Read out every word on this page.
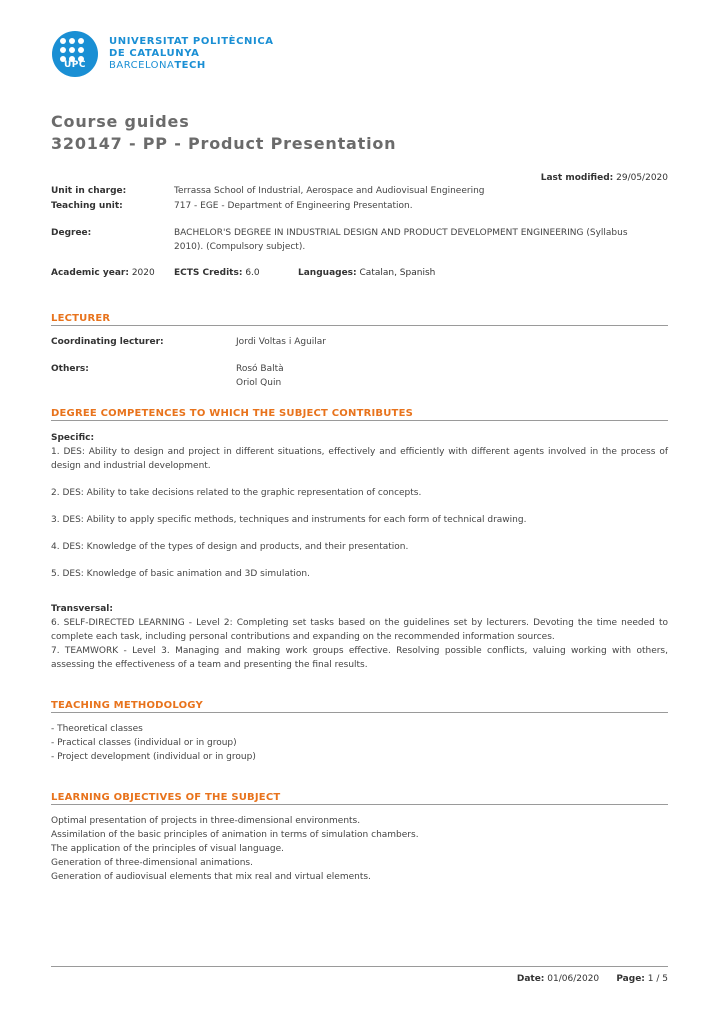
UPC
UNIVERSITAT POLITÈCNICA
DE CATALUNYA
BARCELONATECH
Course guides
320147 - PP - Product Presentation
Last modified: 29/05/2020
Unit in charge:	Terrassa School of Industrial, Aerospace and Audiovisual Engineering
Teaching unit:	717 - EGE - Department of Engineering Presentation.
Degree:	BACHELOR'S DEGREE IN INDUSTRIAL DESIGN AND PRODUCT DEVELOPMENT ENGINEERING (Syllabus
2010). (Compulsory subject).
Academic year: 2020 ECTS Credits: 6.0	Languages: Catalan, Spanish
LECTURER
Coordinating lecturer:	Jordi Voltas i Aguilar
Others:	Rosó Baltà
Oriol Quin
DEGREE COMPETENCES TO WHICH THE SUBJECT CONTRIBUTES
Specific:
1. DES: Ability to design and project in different situations, effectively and efficiently with different agents involved in the process of design and industrial development.
2. DES: Ability to take decisions related to the graphic representation of concepts.
3. DES: Ability to apply specific methods, techniques and instruments for each form of technical drawing.
4. DES: Knowledge of the types of design and products, and their presentation.
5. DES: Knowledge of basic animation and 3D simulation.
Transversal:
6. SELF-DIRECTED LEARNING - Level 2: Completing set tasks based on the guidelines set by lecturers. Devoting the time needed to complete each task, including personal contributions and expanding on the recommended information sources.
7. TEAMWORK - Level 3. Managing and making work groups effective. Resolving possible conflicts, valuing working with others, assessing the effectiveness of a team and presenting the final results.
TEACHING METHODOLOGY
- Theoretical classes
- Practical classes (individual or in group)
- Project development (individual or in group)
LEARNING OBJECTIVES OF THE SUBJECT
Optimal presentation of projects in three-dimensional environments.
Assimilation of the basic principles of animation in terms of simulation chambers.
The application of the principles of visual language.
Generation of three-dimensional animations.
Generation of audiovisual elements that mix real and virtual elements.
Date: 01/06/2020 Page: 1 / 5
